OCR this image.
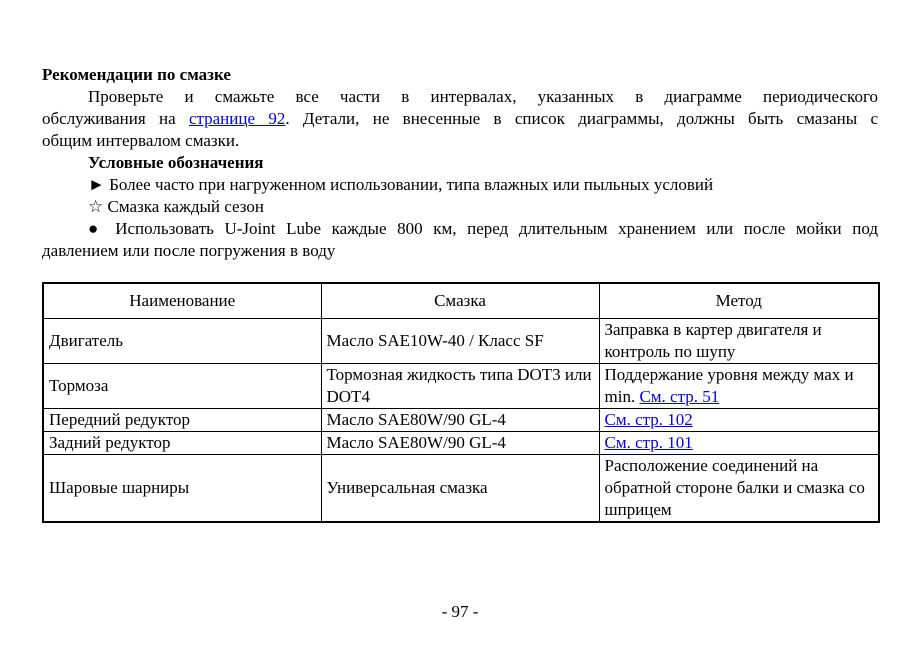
Рекомендации по смазке
Проверьте и смажьте все части в интервалах, указанных в диаграмме периодического
обслуживания на странице 92. Детали, не внесенные в список диаграммы, должны быть смазаны с
общим интервалом смазки.
Условные обозначения
► Более часто при нагруженном использовании, типа влажных или пыльных условий
☆ Смазка каждый сезон
● Использовать U-Joint Lube каждые 800 км, перед длительным хранением или после мойки под
давлением или после погружения в воду
Наименование	Смазка	Метод
Двигатель	Масло SAE10W-40 / Класс SF	Заправка в картер двигателя и контроль по шупу
Тормоза	Тормозная жидкость типа DOT3 или DOT4	Поддержание уровня между мах и min. См. стр. 51
Передний редуктор	Масло SAE80W/90 GL-4	См. стр. 102
Задний редуктор	Масло SAE80W/90 GL-4	См. стр. 101
Шаровые шарниры	Универсальная смазка	Расположение соединений на обратной стороне балки и смазка со шприцем
- 97 -
